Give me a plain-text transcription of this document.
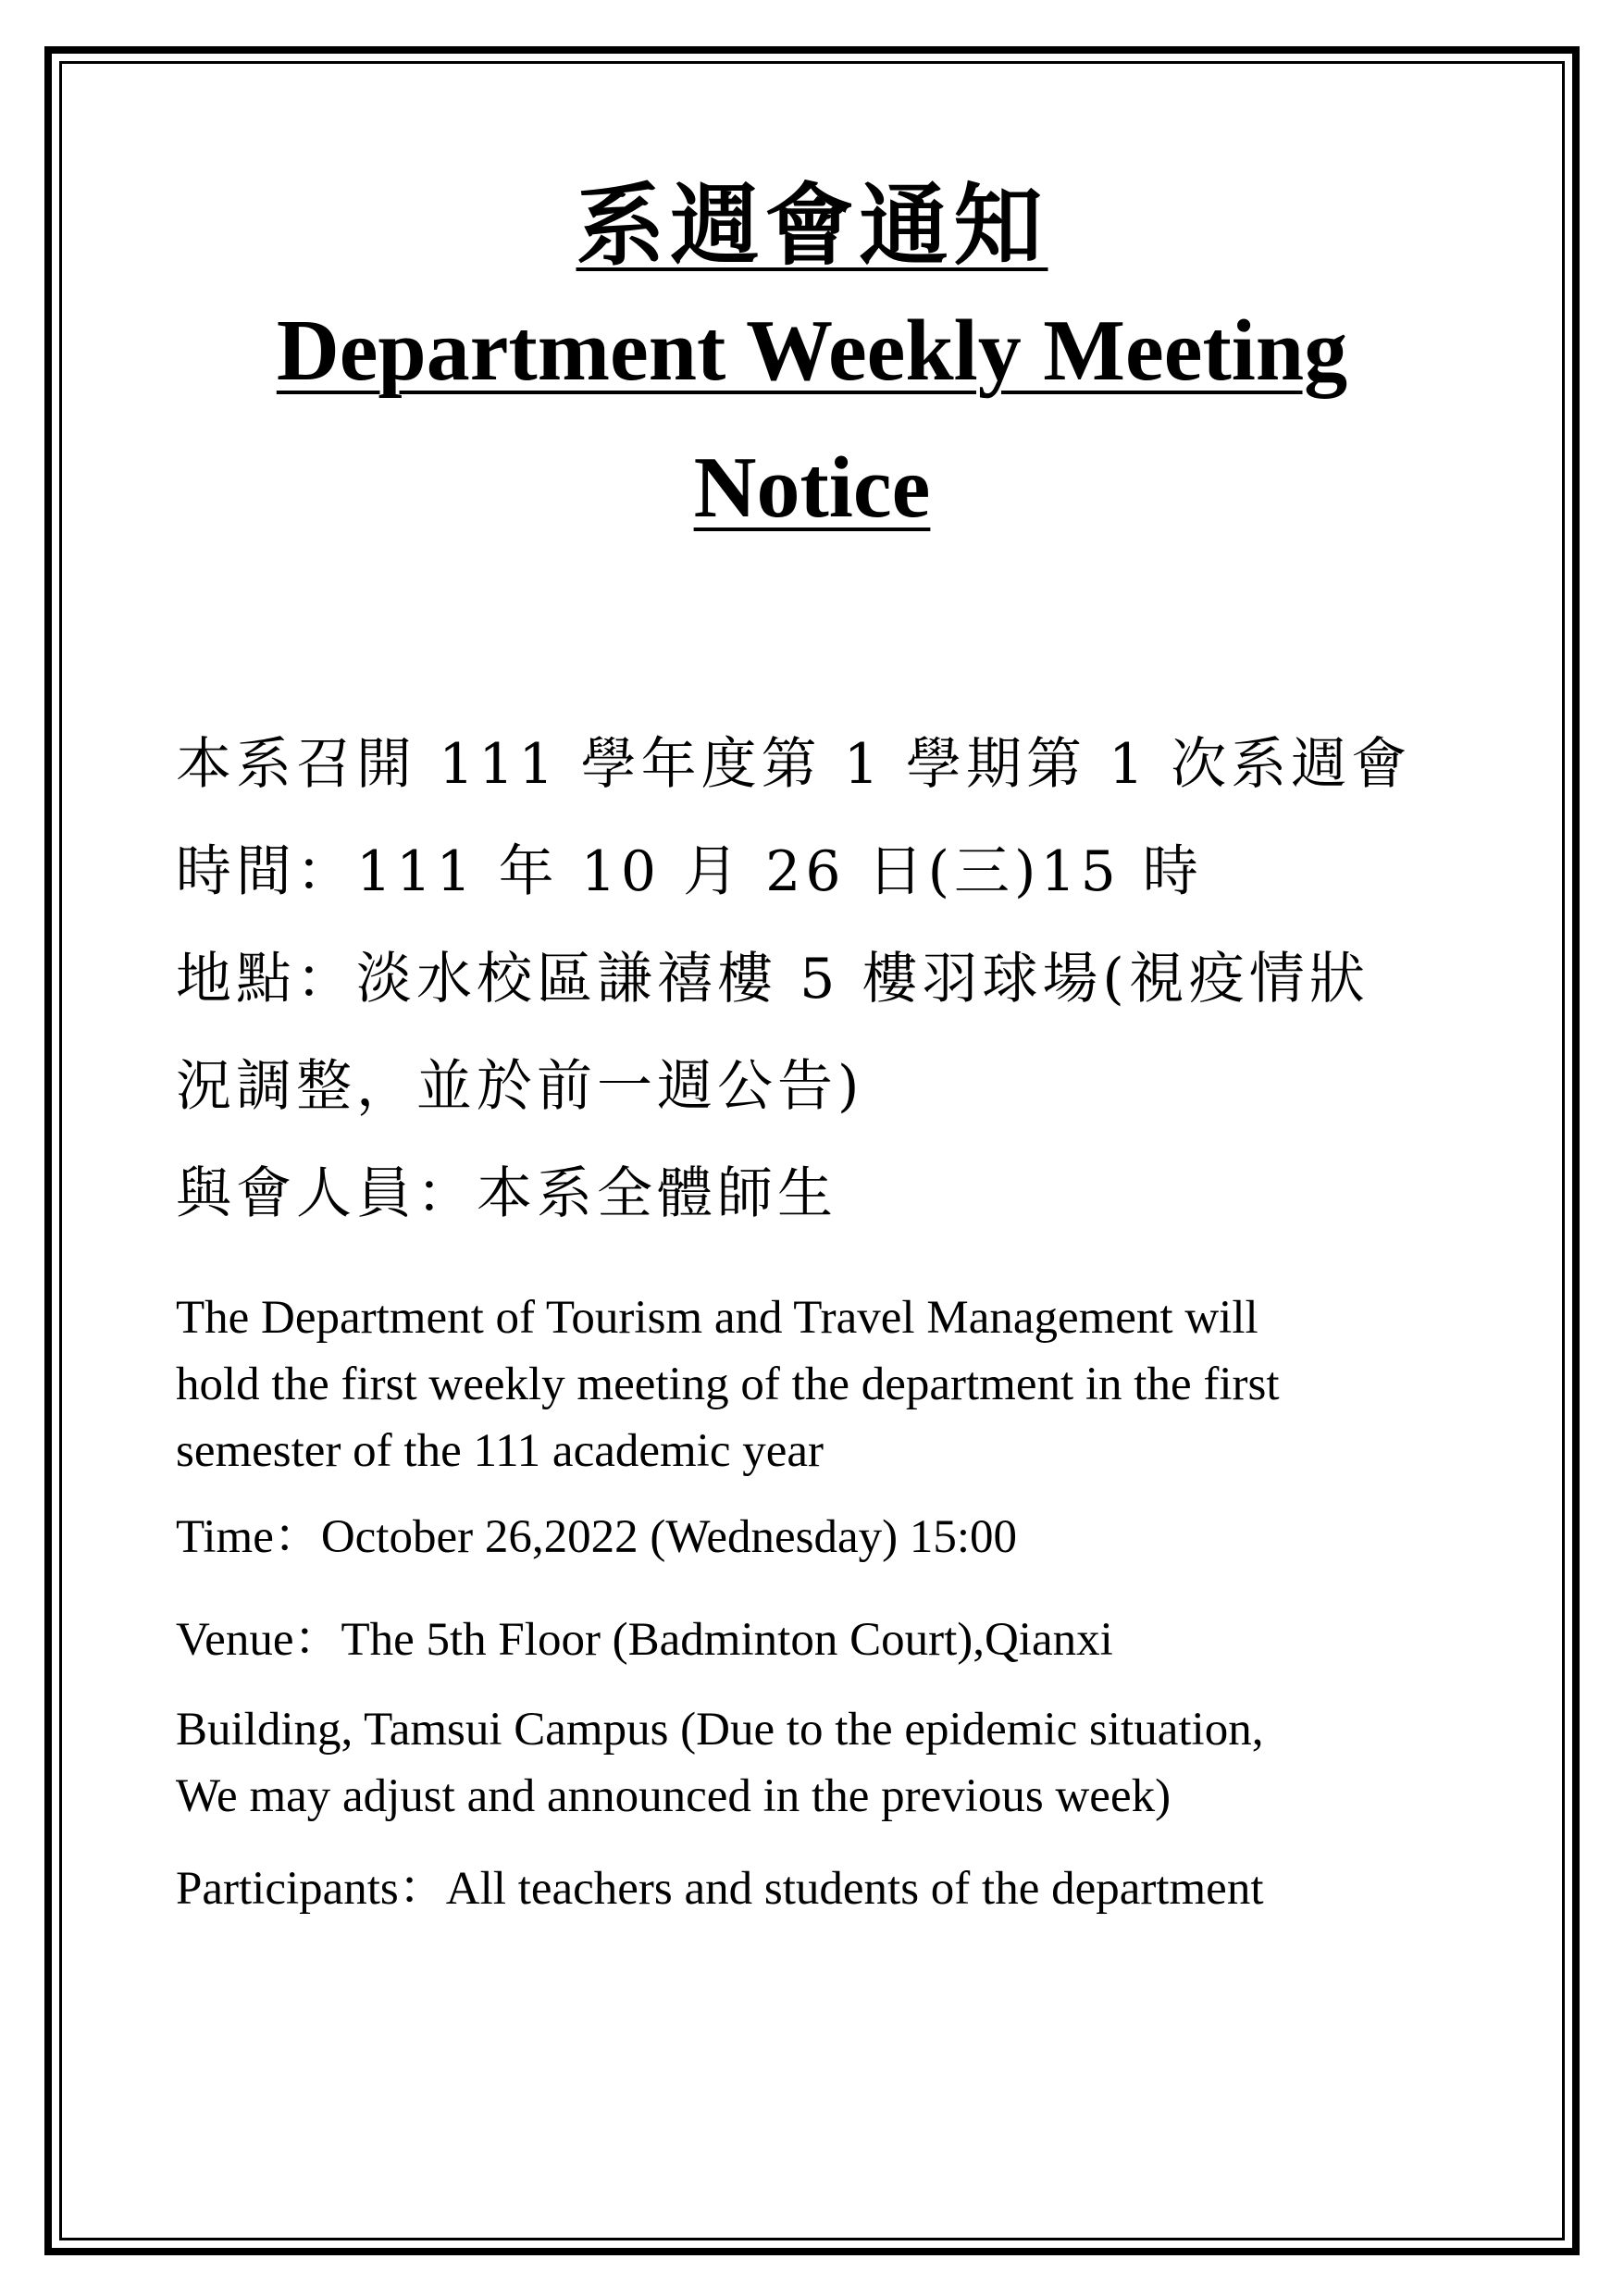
系週會通知
Department Weekly Meeting
Notice
本系召開 111 學年度第 1 學期第 1 次系週會
時間：111 年 10 月 26 日(三)15 時
地點：淡水校區謙禧樓 5 樓羽球場(視疫情狀
況調整，並於前一週公告)
與會人員：本系全體師生
The Department of Tourism and Travel Management will
hold the first weekly meeting of the department in the first
semester of the 111 academic year
Time：October 26,2022 (Wednesday) 15:00
Venue：The 5th Floor (Badminton Court),Qianxi
Building, Tamsui Campus (Due to the epidemic situation,
We may adjust and announced in the previous week)
Participants：All teachers and students of the department
